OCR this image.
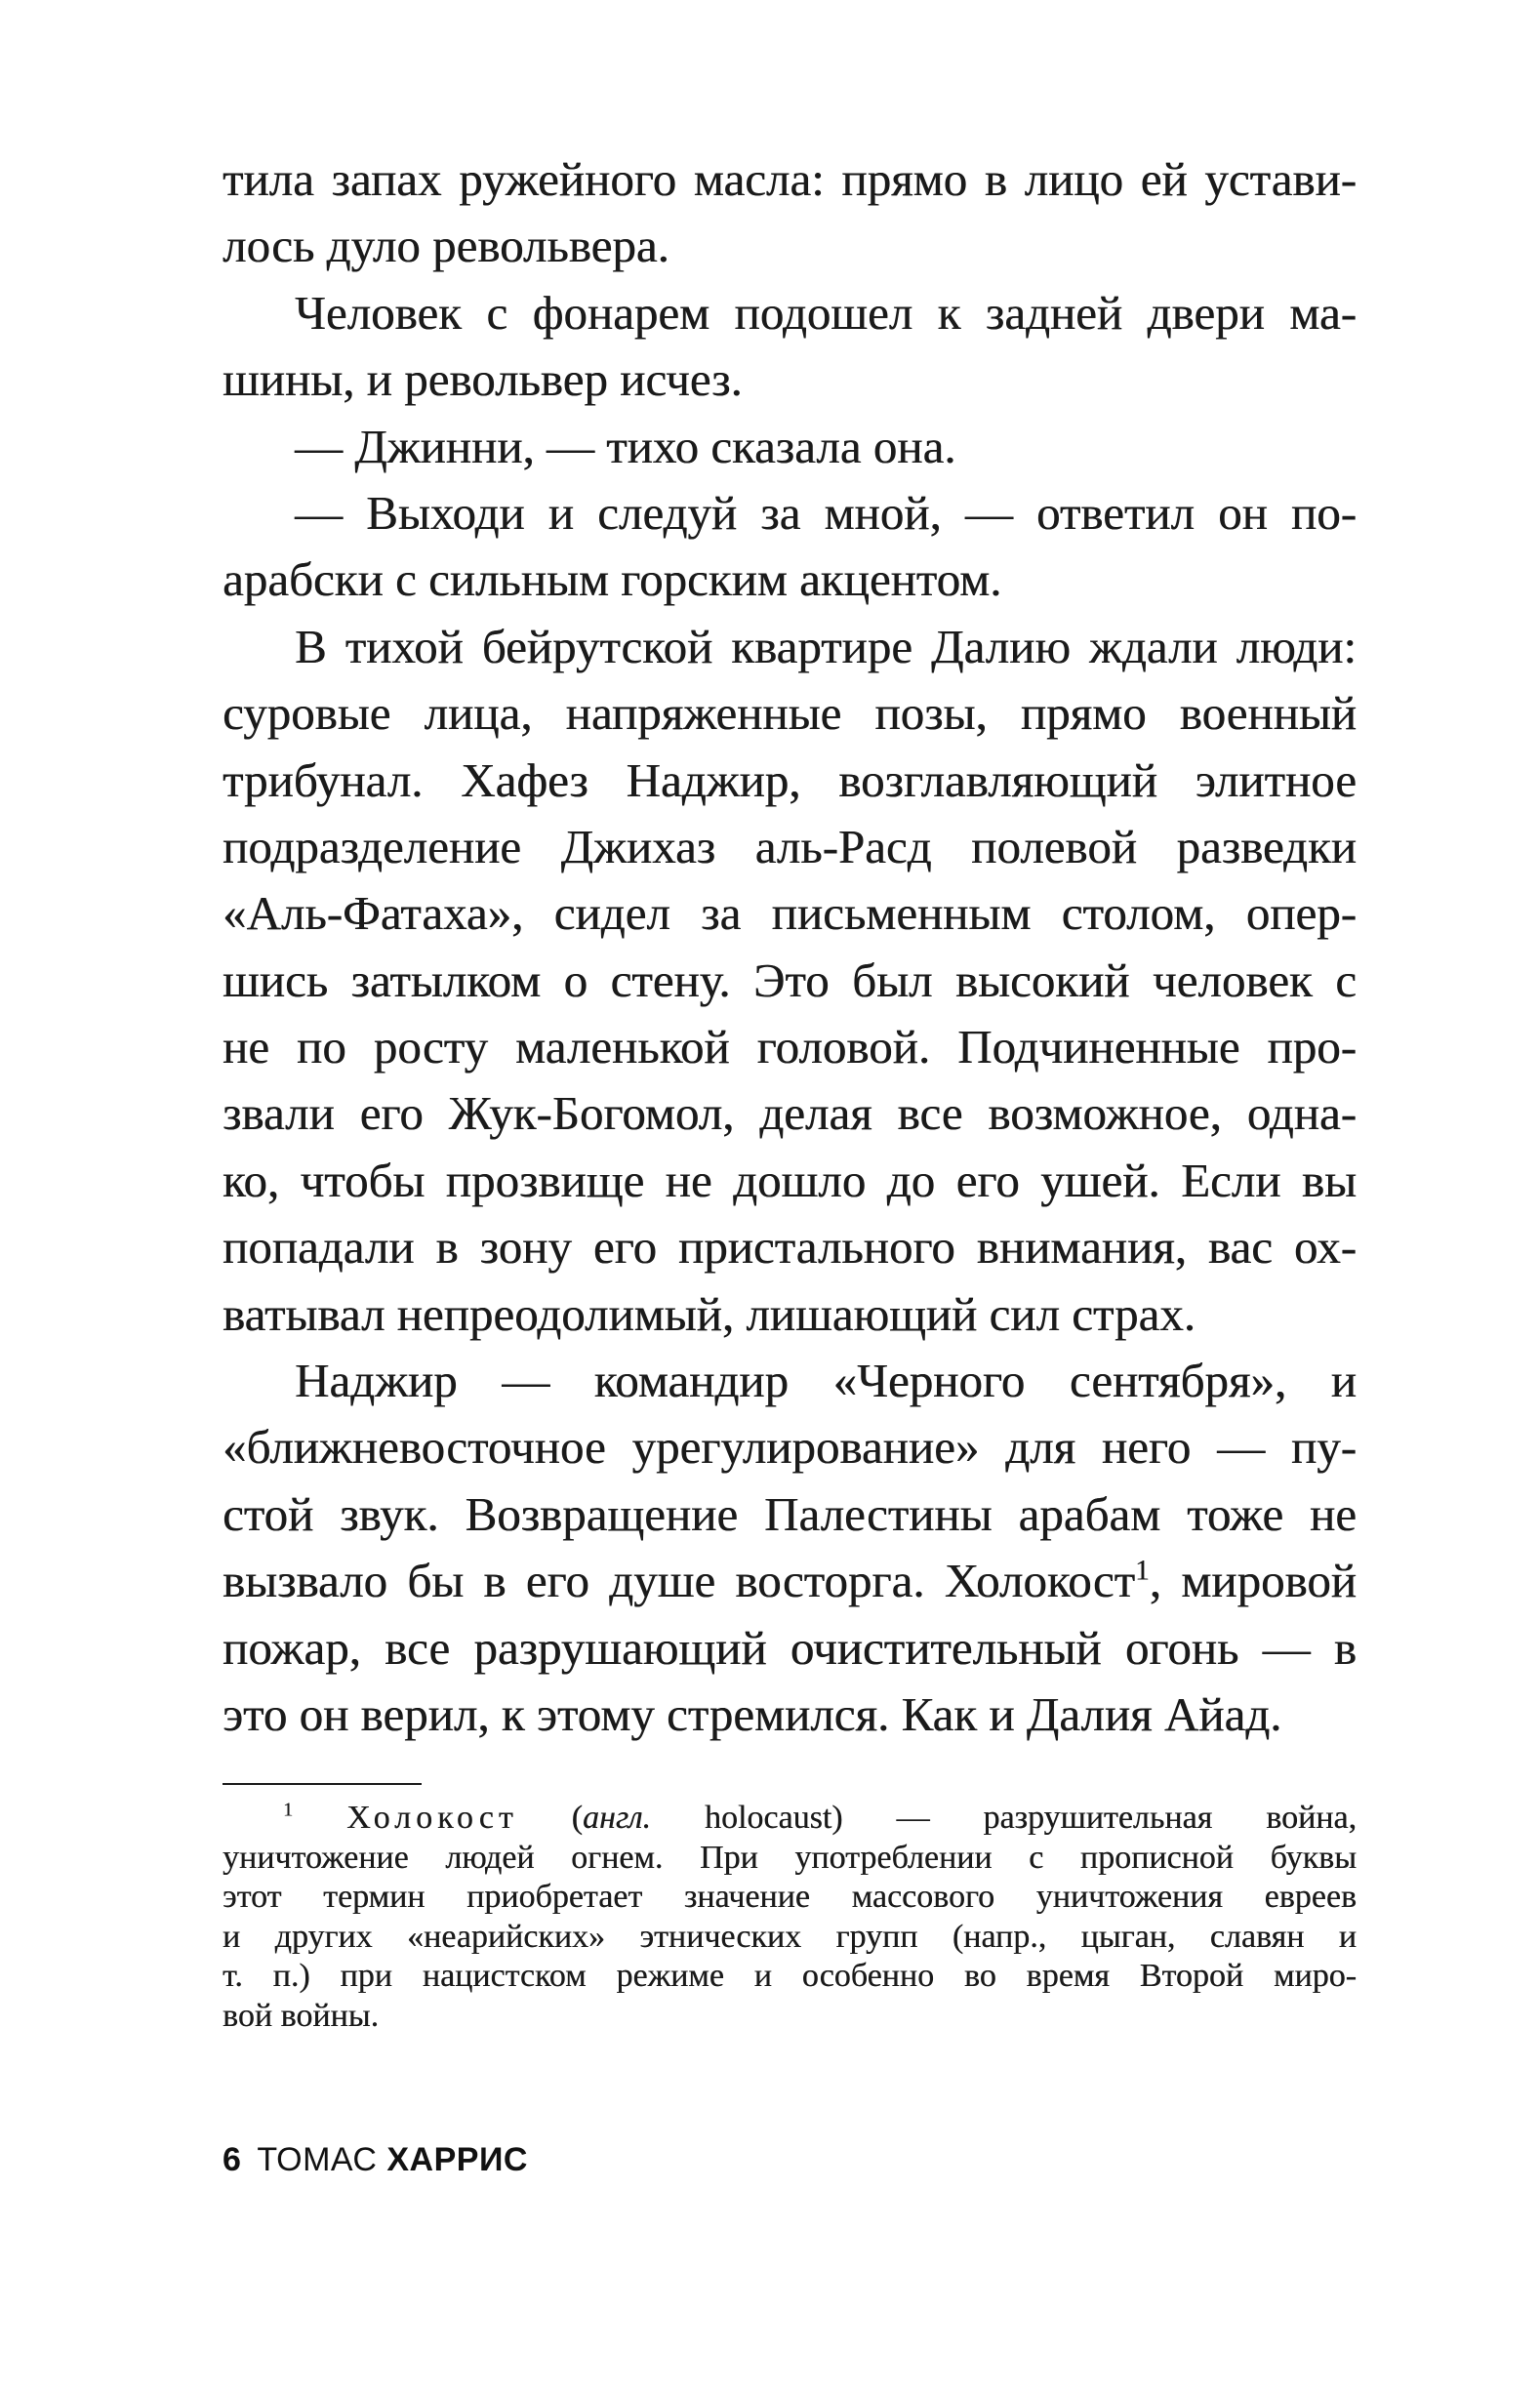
тила запах ружейного масла: прямо в лицо ей устави-
лось дуло револьвера.
Человек с фонарем подошел к задней двери ма-
шины, и револьвер исчез.
— Джинни, — тихо сказала она.
— Выходи и следуй за мной, — ответил он по-
арабски с сильным горским акцентом.
В тихой бейрутской квартире Далию ждали люди:
суровые лица, напряженные позы, прямо военный
трибунал. Хафез Наджир, возглавляющий элитное
подразделение Джихаз аль-Расд полевой разведки
«Аль-Фатаха», сидел за письменным столом, опер-
шись затылком о стену. Это был высокий человек с
не по росту маленькой головой. Подчиненные про-
звали его Жук-Богомол, делая все возможное, одна-
ко, чтобы прозвище не дошло до его ушей. Если вы
попадали в зону его пристального внимания, вас ох-
ватывал непреодолимый, лишающий сил страх.
Наджир — командир «Черного сентября», и
«ближневосточное урегулирование» для него — пу-
стой звук. Возвращение Палестины арабам тоже не
вызвало бы в его душе восторга. Холокост$^1$, мировой
пожар, все разрушающий очистительный огонь — в
это он верил, к этому стремился. Как и Далия Айад.
$^1$ Холокост (англ. holocaust) — разрушительная война,
уничтожение людей огнем. При употреблении с прописной буквы
этот термин приобретает значение массового уничтожения евреев
и других «неарийских» этнических групп (напр., цыган, славян и
т. п.) при нацистском режиме и особенно во время Второй миро-
вой войны.
6 ТОМАС ХАРРИС
